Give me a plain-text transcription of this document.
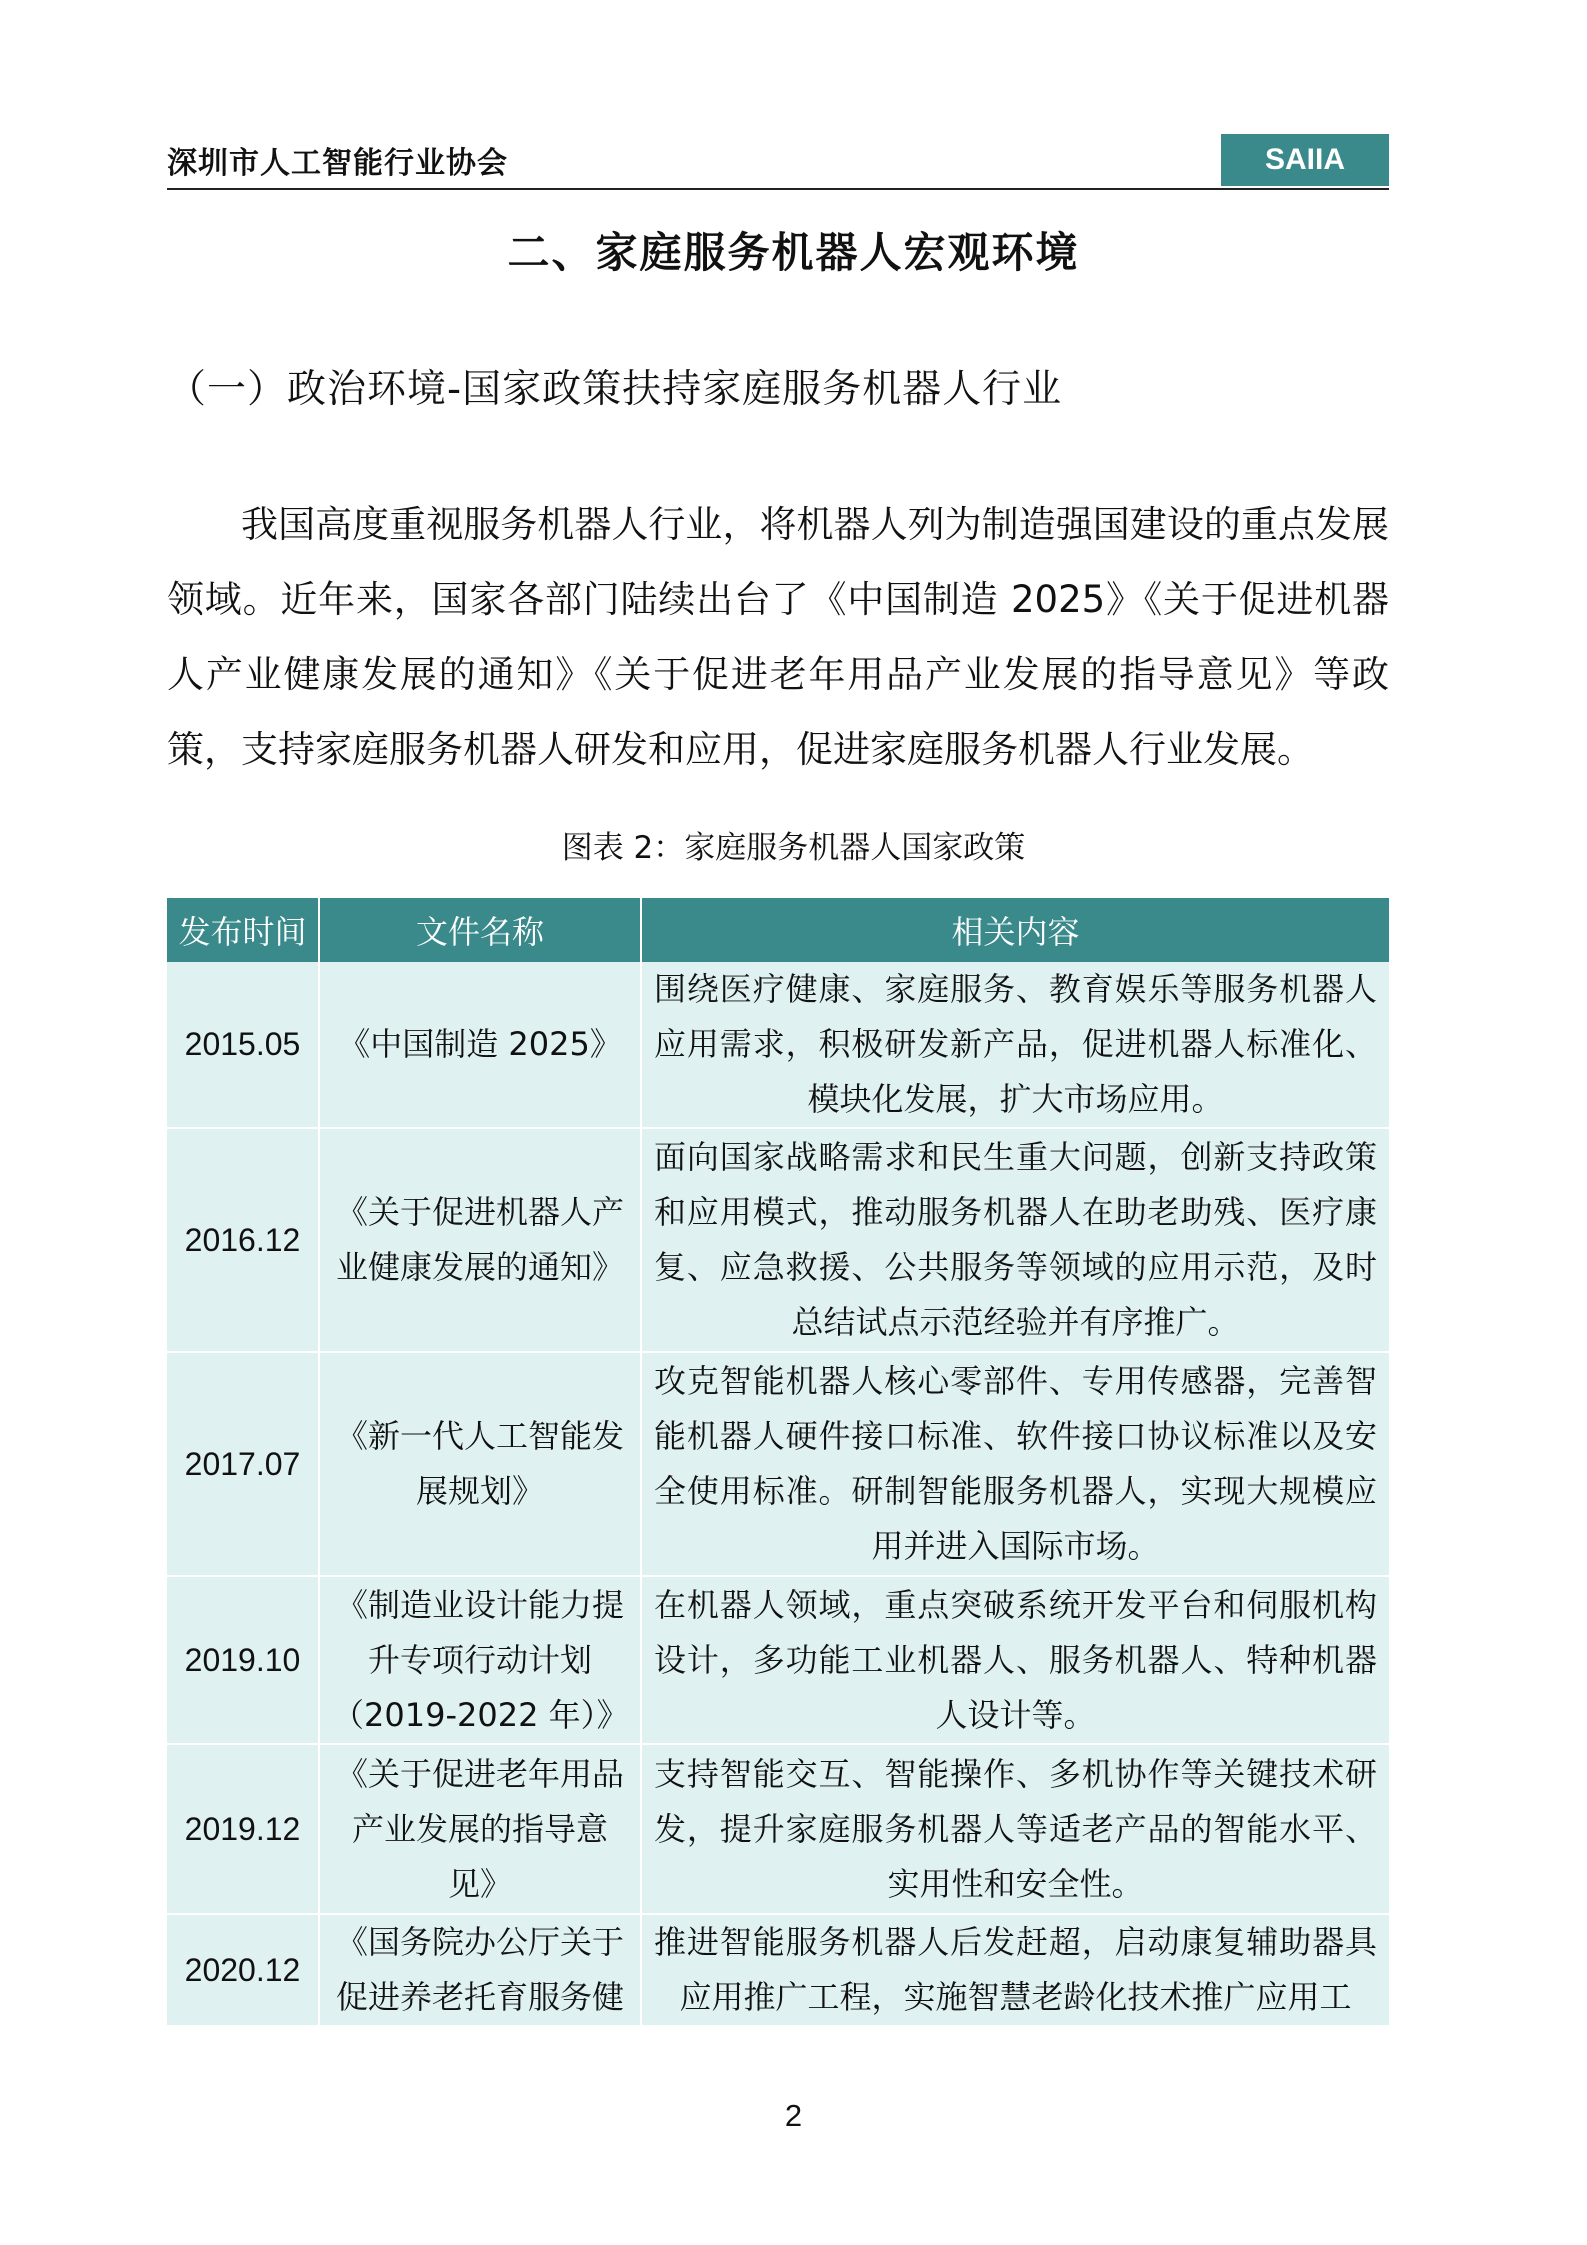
深圳市人工智能行业协会	SAIIA
二、家庭服务机器人宏观环境
（一）政治环境-国家政策扶持家庭服务机器人行业
我国高度重视服务机器人行业，将机器人列为制造强国建设的重点发展领域。近年来，国家各部门陆续出台了《中国制造 2025》《关于促进机器人产业健康发展的通知》《关于促进老年用品产业发展的指导意见》等政策，支持家庭服务机器人研发和应用，促进家庭服务机器人行业发展。
图表 2：家庭服务机器人国家政策
发布时间	文件名称	相关内容
2015.05	《中国制造 2025》	围绕医疗健康、家庭服务、教育娱乐等服务机器人应用需求，积极研发新产品，促进机器人标准化、模块化发展，扩大市场应用。
2016.12	《关于促进机器人产业健康发展的通知》	面向国家战略需求和民生重大问题，创新支持政策和应用模式，推动服务机器人在助老助残、医疗康复、应急救援、公共服务等领域的应用示范，及时总结试点示范经验并有序推广。
2017.07	《新一代人工智能发展规划》	攻克智能机器人核心零部件、专用传感器，完善智能机器人硬件接口标准、软件接口协议标准以及安全使用标准。研制智能服务机器人，实现大规模应用并进入国际市场。
2019.10	《制造业设计能力提升专项行动计划（2019-2022 年）》	在机器人领域，重点突破系统开发平台和伺服机构设计，多功能工业机器人、服务机器人、特种机器人设计等。
2019.12	《关于促进老年用品产业发展的指导意见》	支持智能交互、智能操作、多机协作等关键技术研发，提升家庭服务机器人等适老产品的智能水平、实用性和安全性。
2020.12	《国务院办公厅关于促进养老托育服务健	推进智能服务机器人后发赶超，启动康复辅助器具应用推广工程，实施智慧老龄化技术推广应用工
2
